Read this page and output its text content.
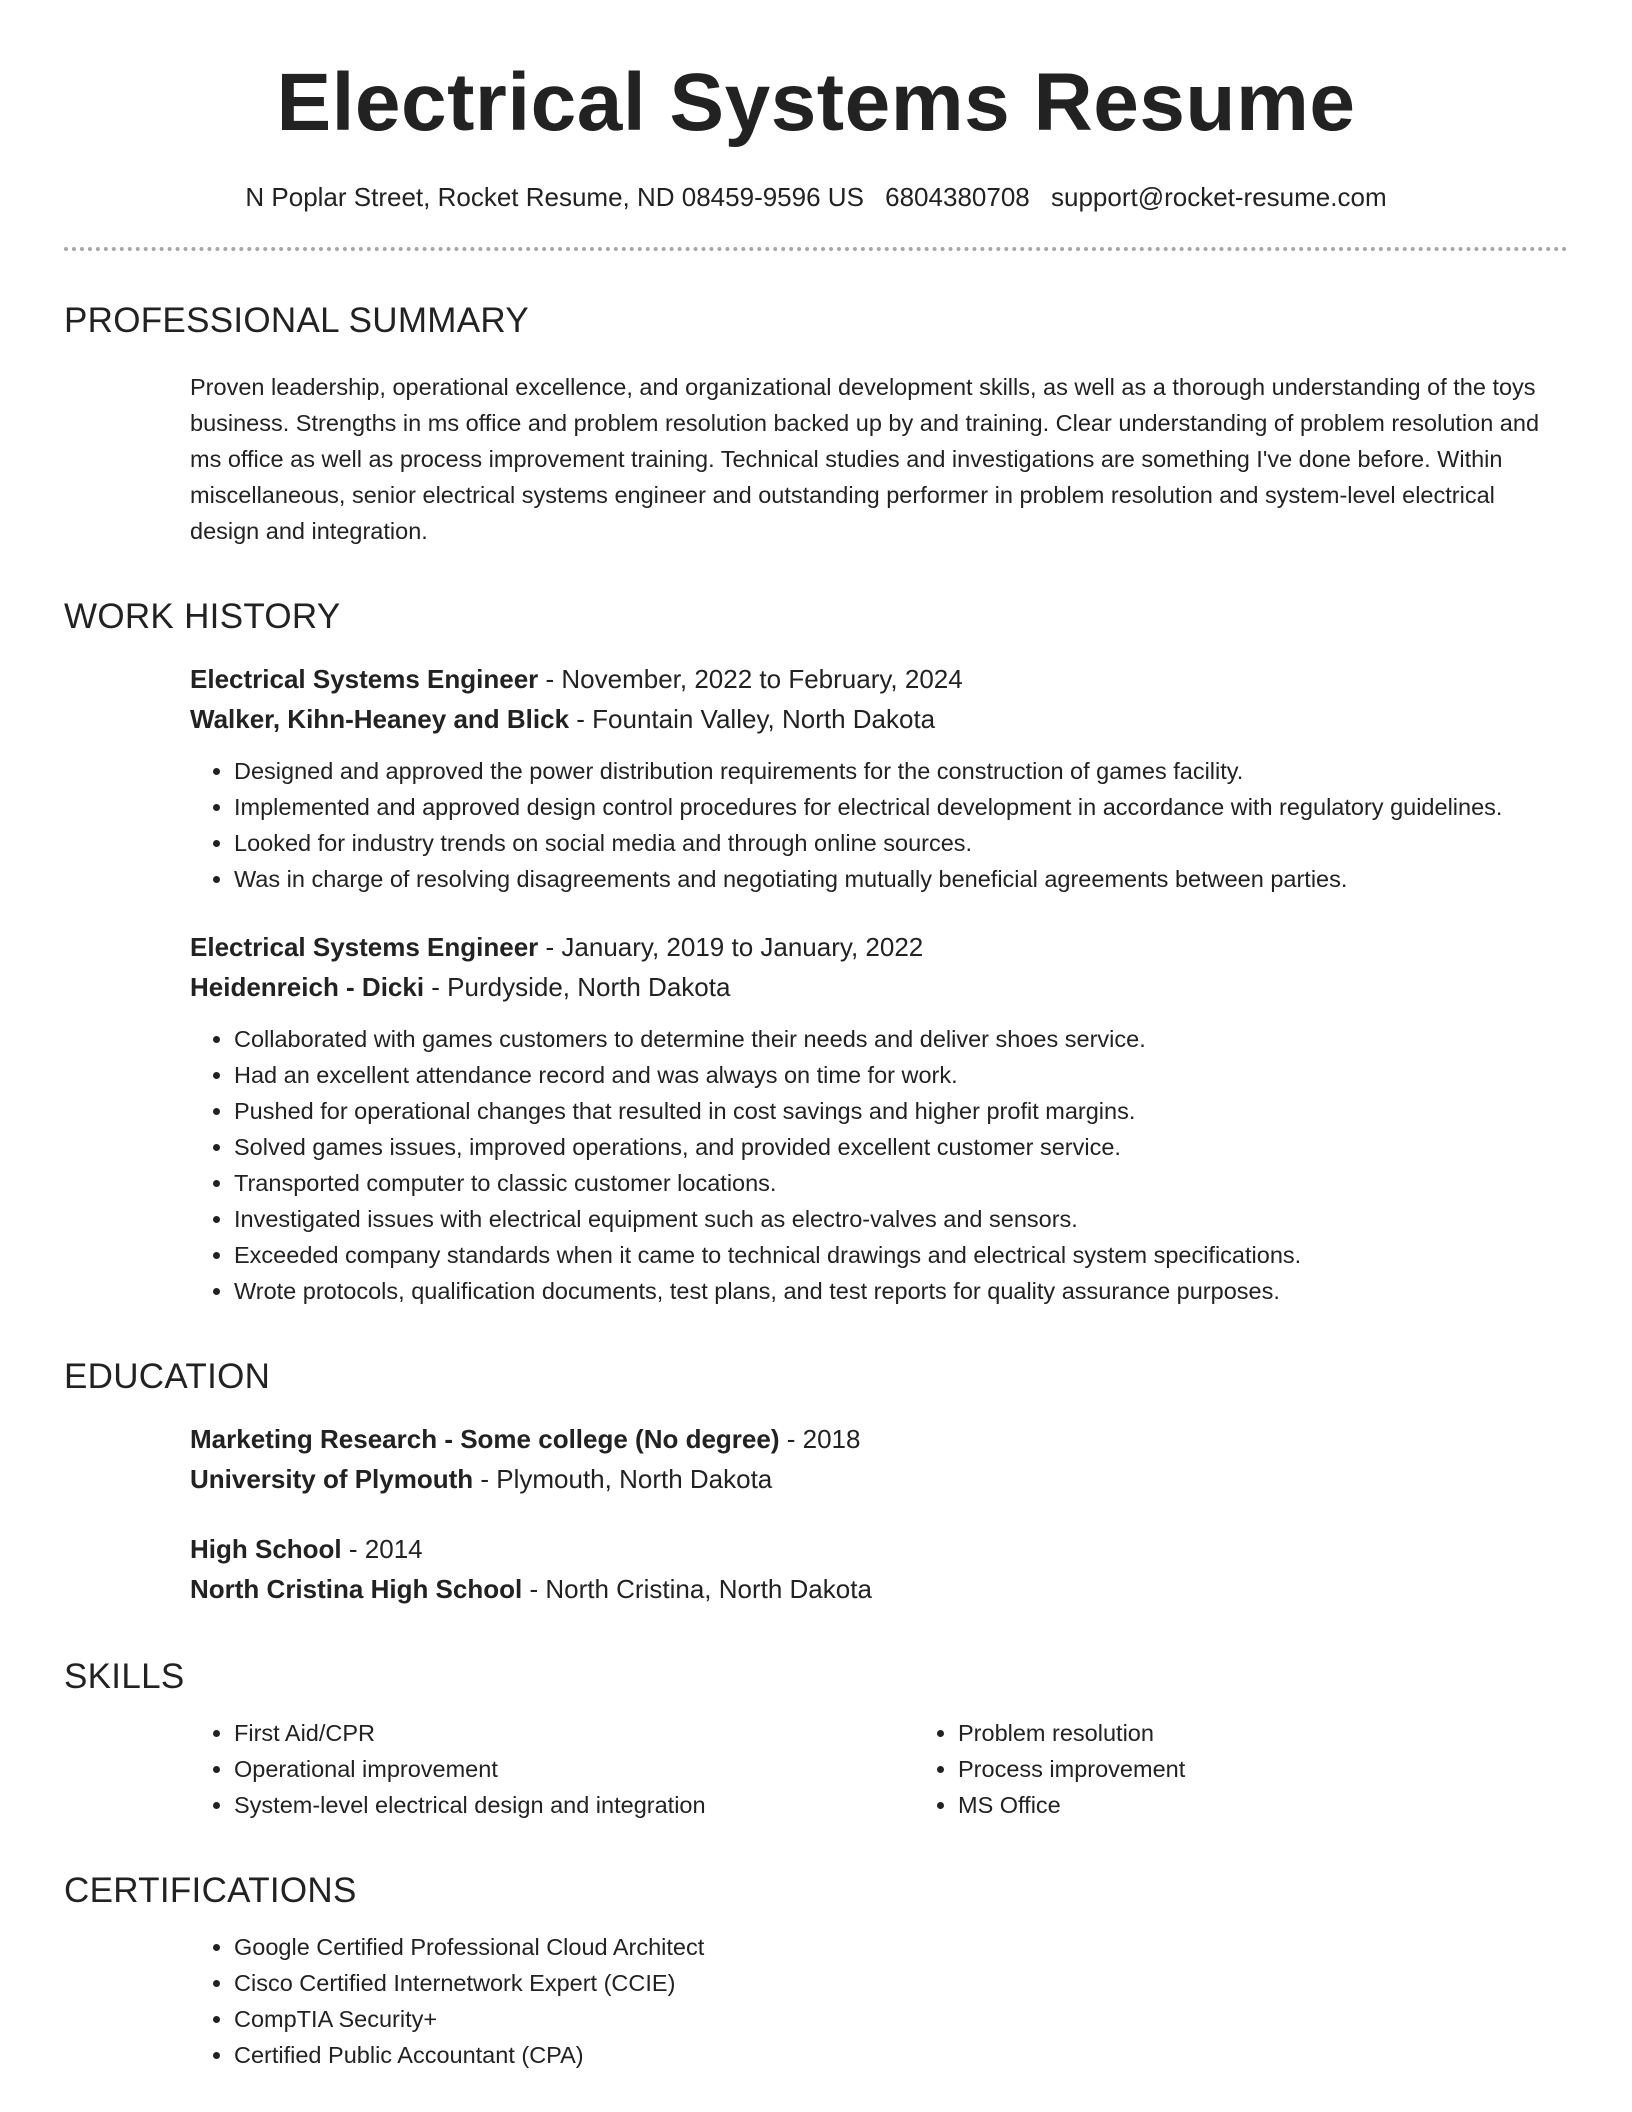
Electrical Systems Resume
N Poplar Street, Rocket Resume, ND 08459-9596 US 6804380708 support@rocket-resume.com
PROFESSIONAL SUMMARY
Proven leadership, operational excellence, and organizational development skills, as well as a thorough understanding of the toys business. Strengths in ms office and problem resolution backed up by and training. Clear understanding of problem resolution and ms office as well as process improvement training. Technical studies and investigations are something I've done before. Within miscellaneous, senior electrical systems engineer and outstanding performer in problem resolution and system-level electrical design and integration.
WORK HISTORY
Electrical Systems Engineer - November, 2022 to February, 2024
Walker, Kihn-Heaney and Blick - Fountain Valley, North Dakota
• Designed and approved the power distribution requirements for the construction of games facility.
• Implemented and approved design control procedures for electrical development in accordance with regulatory guidelines.
• Looked for industry trends on social media and through online sources.
• Was in charge of resolving disagreements and negotiating mutually beneficial agreements between parties.
Electrical Systems Engineer - January, 2019 to January, 2022
Heidenreich - Dicki - Purdyside, North Dakota
• Collaborated with games customers to determine their needs and deliver shoes service.
• Had an excellent attendance record and was always on time for work.
• Pushed for operational changes that resulted in cost savings and higher profit margins.
• Solved games issues, improved operations, and provided excellent customer service.
• Transported computer to classic customer locations.
• Investigated issues with electrical equipment such as electro-valves and sensors.
• Exceeded company standards when it came to technical drawings and electrical system specifications.
• Wrote protocols, qualification documents, test plans, and test reports for quality assurance purposes.
EDUCATION
Marketing Research - Some college (No degree) - 2018
University of Plymouth - Plymouth, North Dakota
High School - 2014
North Cristina High School - North Cristina, North Dakota
SKILLS
• First Aid/CPR
• Operational improvement
• System-level electrical design and integration
• Problem resolution
• Process improvement
• MS Office
CERTIFICATIONS
• Google Certified Professional Cloud Architect
• Cisco Certified Internetwork Expert (CCIE)
• CompTIA Security+
• Certified Public Accountant (CPA)
